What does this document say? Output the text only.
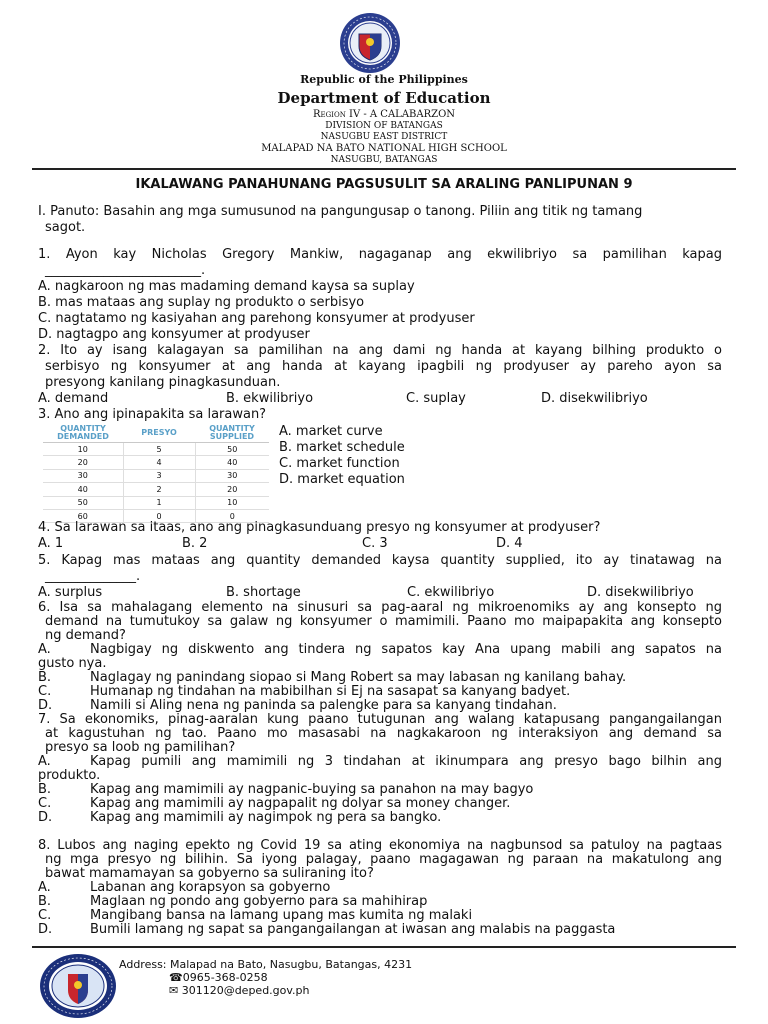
Republic of the Philippines
Department of Education
Region IV - A CALABARZON
DIVISION OF BATANGAS
NASUGBU EAST DISTRICT
MALAPAD NA BATO NATIONAL HIGH SCHOOL
NASUGBU, BATANGAS
IKALAWANG PANAHUNANG PAGSUSULIT SA ARALING PANLIPUNAN 9
I. Panuto: Basahin ang mga sumusunod na pangungusap o tanong. Piliin ang titik ng tamang
sagot.
1. Ayon kay Nicholas Gregory Mankiw, nagaganap ang ekwilibriyo sa pamilihan kapag
________________________.
A. nagkaroon ng mas madaming demand kaysa sa suplay
B. mas mataas ang suplay ng produkto o serbisyo
C. nagtatamo ng kasiyahan ang parehong konsyumer at prodyuser
D. nagtagpo ang konsyumer at prodyuser
2. Ito ay isang kalagayan sa pamilihan na ang dami ng handa at kayang bilhing produkto o
serbisyo ng konsyumer at ang handa at kayang ipagbili ng prodyuser ay pareho ayon sa
presyong kanilang pinagkasunduan.
A. demand	B. ekwilibriyo	C. suplay	D. disekwilibriyo
3. Ano ang ipinapakita sa larawan?
QUANTITY DEMANDED	PRESYO	QUANTITY SUPPLIED
10	5	50
20	4	40
30	3	30
40	2	20
50	1	10
60	0	0
A. market curve
B. market schedule
C. market function
D. market equation
4. Sa larawan sa itaas, ano ang pinagkasunduang presyo ng konsyumer at prodyuser?
A. 1	B. 2	C. 3	D. 4
5. Kapag mas mataas ang quantity demanded kaysa quantity supplied, ito ay tinatawag na
______________.
A. surplus	B. shortage	C. ekwilibriyo	D. disekwilibriyo
6. Isa sa mahalagang elemento na sinusuri sa pag-aaral ng mikroenomiks ay ang konsepto ng
demand na tumutukoy sa galaw ng konsyumer o mamimili. Paano mo maipapakita ang konsepto
ng demand?
A.	Nagbigay ng diskwento ang tindera ng sapatos kay Ana upang mabili ang sapatos na
gusto nya.
B.	Naglagay ng panindang siopao si Mang Robert sa may labasan ng kanilang bahay.
C.	Humanap ng tindahan na mabibilhan si Ej na sasapat sa kanyang badyet.
D.	Namili si Aling nena ng paninda sa palengke para sa kanyang tindahan.
7. Sa ekonomiks, pinag-aaralan kung paano tutugunan ang walang katapusang pangangailangan
at kagustuhan ng tao. Paano mo masasabi na nagkakaroon ng interaksiyon ang demand sa
presyo sa loob ng pamilihan?
A.	Kapag pumili ang mamimili ng 3 tindahan at ikinumpara ang presyo bago bilhin ang
produkto.
B.	Kapag ang mamimili ay nagpanic-buying sa panahon na may bagyo
C.	Kapag ang mamimili ay nagpapalit ng dolyar sa money changer.
D.	Kapag ang mamimili ay nagimpok ng pera sa bangko.
8. Lubos ang naging epekto ng Covid 19 sa ating ekonomiya na nagbunsod sa patuloy na pagtaas
ng mga presyo ng bilihin. Sa iyong palagay, paano magagawan ng paraan na makatulong ang
bawat mamamayan sa gobyerno sa suliraning ito?
A.	Labanan ang korapsyon sa gobyerno
B.	Maglaan ng pondo ang gobyerno para sa mahihirap
C.	Mangibang bansa na lamang upang mas kumita ng malaki
D.	Bumili lamang ng sapat sa pangangailangan at iwasan ang malabis na paggasta
Address: Malapad na Bato, Nasugbu, Batangas, 4231
☎0965-368-0258
✉ 301120@deped.gov.ph
